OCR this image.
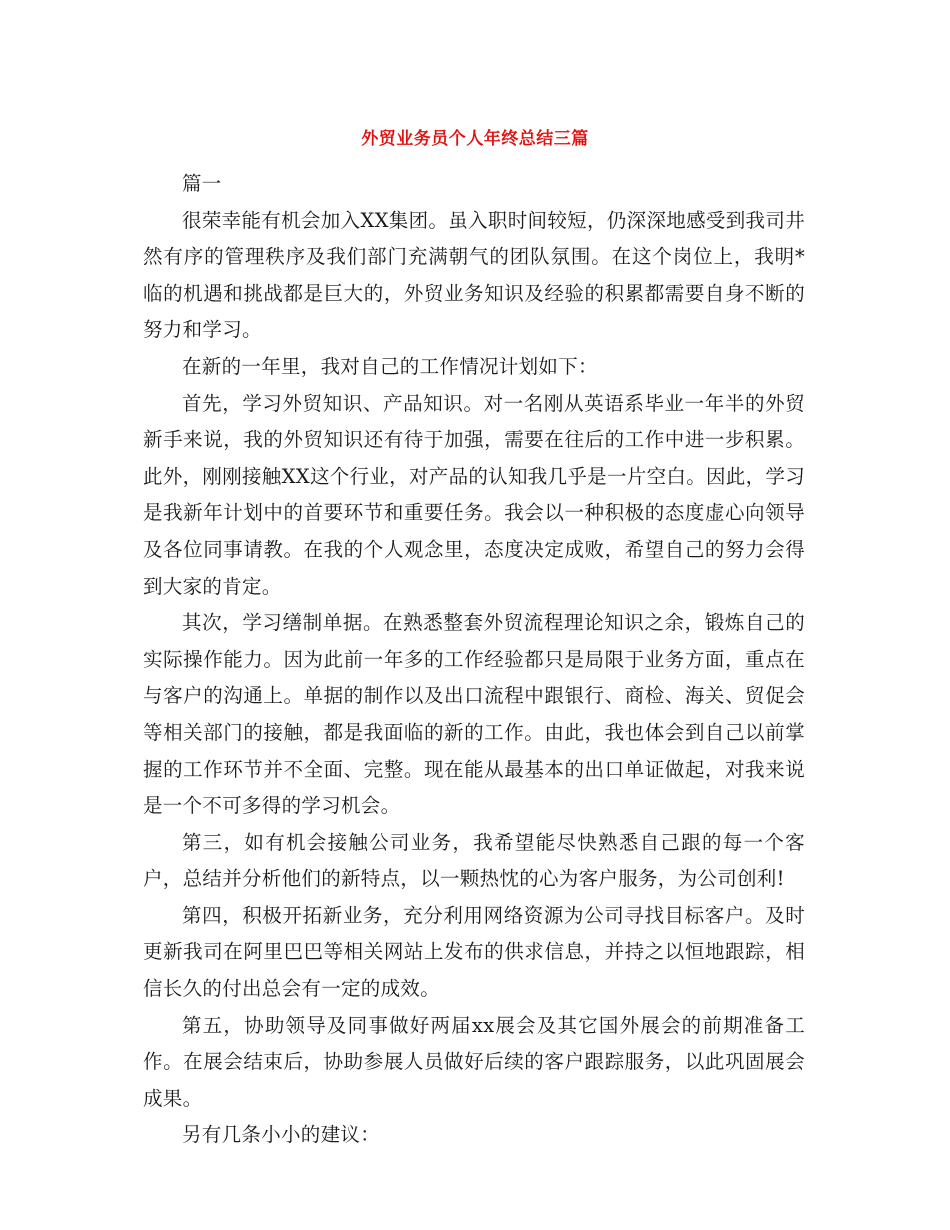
外贸业务员个人年终总结三篇

篇一

很荣幸能有机会加入XX集团。虽入职时间较短，仍深深地感受到我司井然有序的管理秩序及我们部门充满朝气的团队氛围。在这个岗位上，我明*临的机遇和挑战都是巨大的，外贸业务知识及经验的积累都需要自身不断的努力和学习。

在新的一年里，我对自己的工作情况计划如下：

首先，学习外贸知识、产品知识。对一名刚从英语系毕业一年半的外贸新手来说，我的外贸知识还有待于加强，需要在往后的工作中进一步积累。此外，刚刚接触XX这个行业，对产品的认知我几乎是一片空白。因此，学习是我新年计划中的首要环节和重要任务。我会以一种积极的态度虚心向领导及各位同事请教。在我的个人观念里，态度决定成败，希望自己的努力会得到大家的肯定。

其次，学习缮制单据。在熟悉整套外贸流程理论知识之余，锻炼自己的实际操作能力。因为此前一年多的工作经验都只是局限于业务方面，重点在与客户的沟通上。单据的制作以及出口流程中跟银行、商检、海关、贸促会等相关部门的接触，都是我面临的新的工作。由此，我也体会到自己以前掌握的工作环节并不全面、完整。现在能从最基本的出口单证做起，对我来说是一个不可多得的学习机会。

第三，如有机会接触公司业务，我希望能尽快熟悉自己跟的每一个客户，总结并分析他们的新特点，以一颗热忱的心为客户服务，为公司创利!

第四，积极开拓新业务，充分利用网络资源为公司寻找目标客户。及时更新我司在阿里巴巴等相关网站上发布的供求信息，并持之以恒地跟踪，相信长久的付出总会有一定的成效。

第五，协助领导及同事做好两届xx展会及其它国外展会的前期准备工作。在展会结束后，协助参展人员做好后续的客户跟踪服务，以此巩固展会成果。

另有几条小小的建议：
